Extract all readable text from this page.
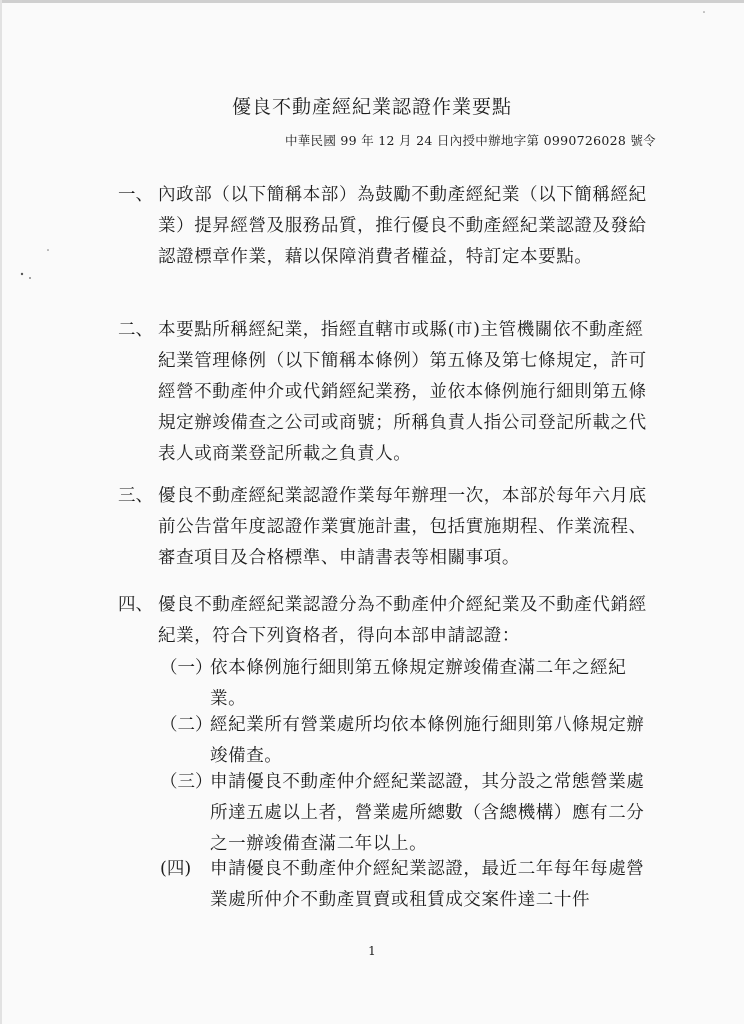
優良不動產經紀業認證作業要點
中華民國 99 年 12 月 24 日內授中辦地字第 0990726028 號令
一、 內政部（以下簡稱本部）為鼓勵不動產經紀業（以下簡稱經紀業）提昇經營及服務品質，推行優良不動產經紀業認證及發給認證標章作業，藉以保障消費者權益，特訂定本要點。
二、 本要點所稱經紀業，指經直轄市或縣(市)主管機關依不動產經紀業管理條例（以下簡稱本條例）第五條及第七條規定，許可經營不動產仲介或代銷經紀業務，並依本條例施行細則第五條規定辦竣備查之公司或商號；所稱負責人指公司登記所載之代表人或商業登記所載之負責人。
三、 優良不動產經紀業認證作業每年辦理一次，本部於每年六月底前公告當年度認證作業實施計畫，包括實施期程、作業流程、審查項目及合格標準、申請書表等相關事項。
四、 優良不動產經紀業認證分為不動產仲介經紀業及不動產代銷經紀業，符合下列資格者，得向本部申請認證：
（一）
依本條例施行細則第五條規定辦竣備查滿二年之經紀業。
（二）
經紀業所有營業處所均依本條例施行細則第八條規定辦竣備查。
（三）
申請優良不動產仲介經紀業認證，其分設之常態營業處所達五處以上者，營業處所總數（含總機構）應有二分之一辦竣備查滿二年以上。
(四) 申請優良不動產仲介經紀業認證，最近二年每年每處營業處所仲介不動產買賣或租賃成交案件達二十件
1
